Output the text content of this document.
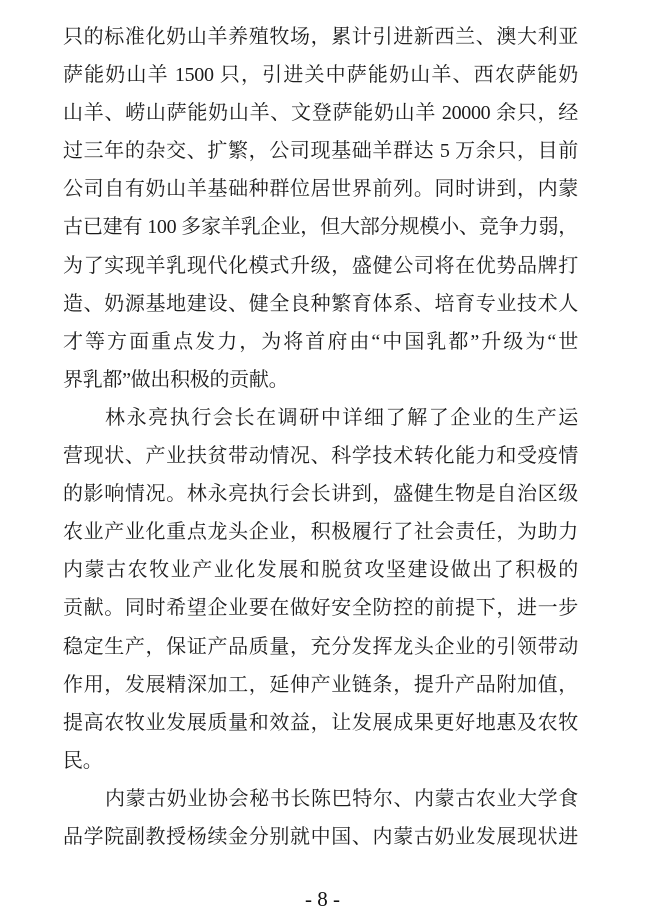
只的标准化奶山羊养殖牧场，累计引进新西兰、澳大利亚
萨能奶山羊 1500 只，引进关中萨能奶山羊、西农萨能奶
山羊、崂山萨能奶山羊、文登萨能奶山羊 20000 余只，经
过三年的杂交、扩繁，公司现基础羊群达 5 万余只，目前
公司自有奶山羊基础种群位居世界前列。同时讲到，内蒙
古已建有 100 多家羊乳企业，但大部分规模小、竞争力弱，
为了实现羊乳现代化模式升级，盛健公司将在优势品牌打
造、奶源基地建设、健全良种繁育体系、培育专业技术人
才等方面重点发力，为将首府由“中国乳都”升级为“世
界乳都”做出积极的贡献。
林永亮执行会长在调研中详细了解了企业的生产运
营现状、产业扶贫带动情况、科学技术转化能力和受疫情
的影响情况。林永亮执行会长讲到，盛健生物是自治区级
农业产业化重点龙头企业，积极履行了社会责任，为助力
内蒙古农牧业产业化发展和脱贫攻坚建设做出了积极的
贡献。同时希望企业要在做好安全防控的前提下，进一步
稳定生产，保证产品质量，充分发挥龙头企业的引领带动
作用，发展精深加工，延伸产业链条，提升产品附加值，
提高农牧业发展质量和效益，让发展成果更好地惠及农牧
民。
内蒙古奶业协会秘书长陈巴特尔、内蒙古农业大学食
品学院副教授杨续金分别就中国、内蒙古奶业发展现状进
- 8 -
